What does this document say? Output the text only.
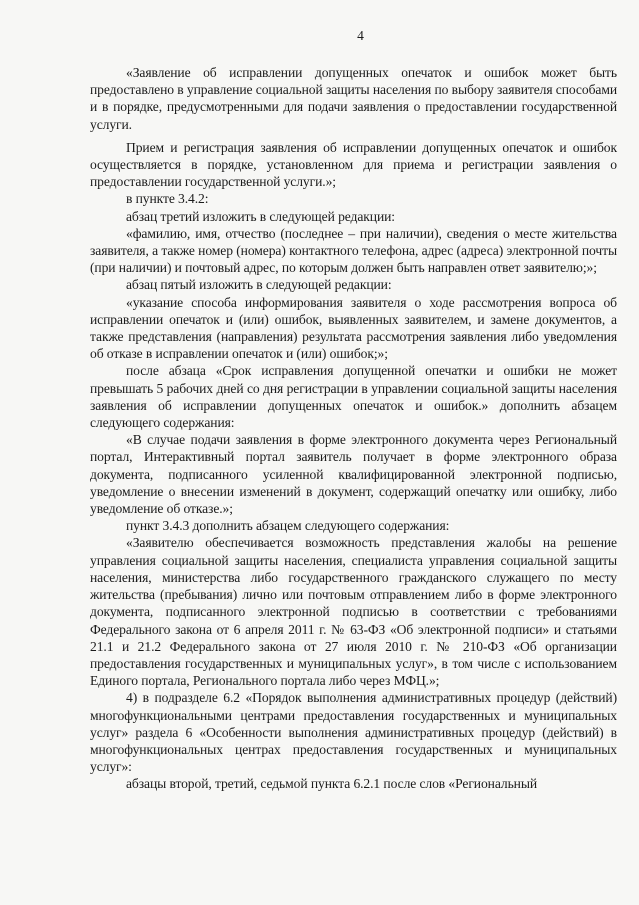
4

«Заявление об исправлении допущенных опечаток и ошибок может быть предоставлено в управление социальной защиты населения по выбору заявителя способами и в порядке, предусмотренными для подачи заявления о предоставлении государственной услуги.

Прием и регистрация заявления об исправлении допущенных опечаток и ошибок осуществляется в порядке, установленном для приема и регистрации заявления о предоставлении государственной услуги.»;

в пункте 3.4.2:

абзац третий изложить в следующей редакции:

«фамилию, имя, отчество (последнее – при наличии), сведения о месте жительства заявителя, а также номер (номера) контактного телефона, адрес (адреса) электронной почты (при наличии) и почтовый адрес, по которым должен быть направлен ответ заявителю;»;

абзац пятый изложить в следующей редакции:

«указание способа информирования заявителя о ходе рассмотрения вопроса об исправлении опечаток и (или) ошибок, выявленных заявителем, и замене документов, а также представления (направления) результата рассмотрения заявления либо уведомления об отказе в исправлении опечаток и (или) ошибок;»;

после абзаца «Срок исправления допущенной опечатки и ошибки не может превышать 5 рабочих дней со дня регистрации в управлении социальной защиты населения заявления об исправлении допущенных опечаток и ошибок.» дополнить абзацем следующего содержания:

«В случае подачи заявления в форме электронного документа через Региональный портал, Интерактивный портал заявитель получает в форме электронного образа документа, подписанного усиленной квалифицированной электронной подписью, уведомление о внесении изменений в документ, содержащий опечатку или ошибку, либо уведомление об отказе.»;

пункт 3.4.3 дополнить абзацем следующего содержания:

«Заявителю обеспечивается возможность представления жалобы на решение управления социальной защиты населения, специалиста управления социальной защиты населения, министерства либо государственного гражданского служащего по месту жительства (пребывания) лично или почтовым отправлением либо в форме электронного документа, подписанного электронной подписью в соответствии с требованиями Федерального закона от 6 апреля 2011 г. № 63-ФЗ «Об электронной подписи» и статьями 21.1 и 21.2 Федерального закона от 27 июля 2010 г. № 210-ФЗ «Об организации предоставления государственных и муниципальных услуг», в том числе с использованием Единого портала, Регионального портала либо через МФЦ.»;

4) в подразделе 6.2 «Порядок выполнения административных процедур (действий) многофункциональными центрами предоставления государственных и муниципальных услуг» раздела 6 «Особенности выполнения административных процедур (действий) в многофункциональных центрах предоставления государственных и муниципальных услуг»:

абзацы второй, третий, седьмой пункта 6.2.1 после слов «Региональный
